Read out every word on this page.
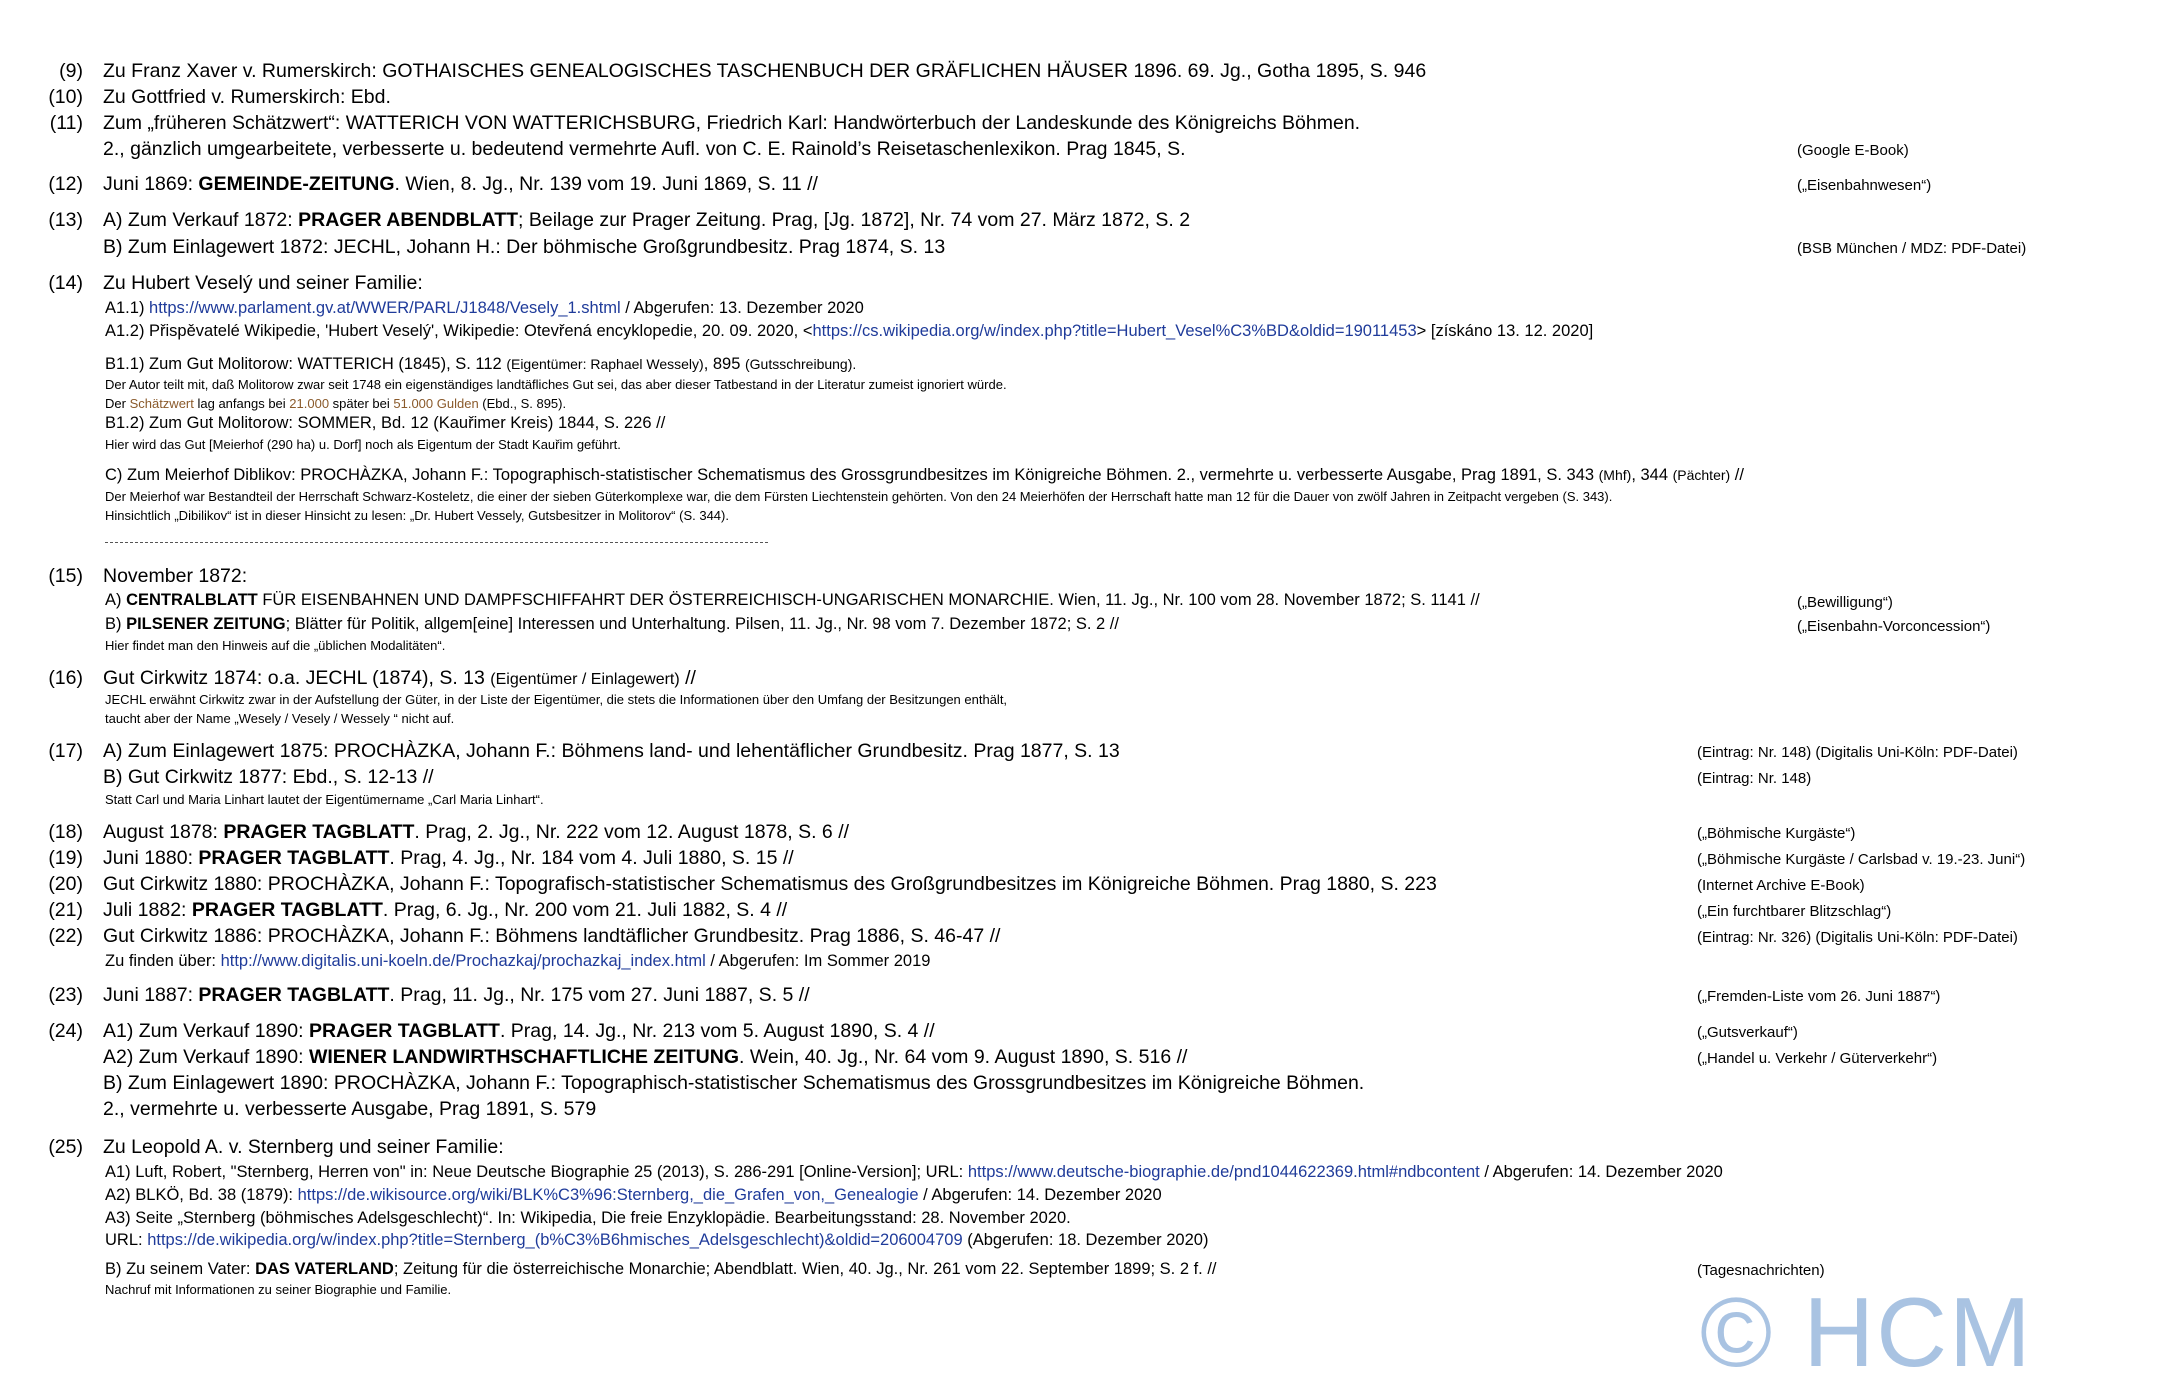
(9) Zu Franz Xaver v. Rumerskirch: GOTHAISCHES GENEALOGISCHES TASCHENBUCH DER GRÄFLICHEN HÄUSER 1896. 69. Jg., Gotha 1895, S. 946
(10) Zu Gottfried v. Rumerskirch: Ebd.
(11) Zum „früheren Schätzwert“: WATTERICH VON WATTERICHSBURG, Friedrich Karl: Handwörterbuch der Landeskunde des Königreichs Böhmen.
2., gänzlich umgearbeitete, verbesserte u. bedeutend vermehrte Aufl. von C. E. Rainold’s Reisetaschenlexikon. Prag 1845, S.	(Google E-Book)
(12) Juni 1869: GEMEINDE-ZEITUNG. Wien, 8. Jg., Nr. 139 vom 19. Juni 1869, S. 11 //	(„Eisenbahnwesen“)
(13) A) Zum Verkauf 1872: PRAGER ABENDBLATT; Beilage zur Prager Zeitung. Prag, [Jg. 1872], Nr. 74 vom 27. März 1872, S. 2
B) Zum Einlagewert 1872: JECHL, Johann H.: Der böhmische Großgrundbesitz. Prag 1874, S. 13	(BSB München / MDZ: PDF-Datei)
(14) Zu Hubert Veselý und seiner Familie:
A1.1) https://www.parlament.gv.at/WWER/PARL/J1848/Vesely_1.shtml / Abgerufen: 13. Dezember 2020
A1.2) Přispěvatelé Wikipedie, 'Hubert Veselý', Wikipedie: Otevřená encyklopedie, 20. 09. 2020, <https://cs.wikipedia.org/w/index.php?title=Hubert_Vesel%C3%BD&oldid=19011453> [získáno 13. 12. 2020]
B1.1) Zum Gut Molitorow: WATTERICH (1845), S. 112 (Eigentümer: Raphael Wessely), 895 (Gutsschreibung).
Der Autor teilt mit, daß Molitorow zwar seit 1748 ein eigenständiges landtäfliches Gut sei, das aber dieser Tatbestand in der Literatur zumeist ignoriert würde.
Der Schätzwert lag anfangs bei 21.000 später bei 51.000 Gulden (Ebd., S. 895).
B1.2) Zum Gut Molitorow: SOMMER, Bd. 12 (Kauřimer Kreis) 1844, S. 226 //
Hier wird das Gut [Meierhof (290 ha) u. Dorf] noch als Eigentum der Stadt Kauřim geführt.
C) Zum Meierhof Diblikov: PROCHÀZKA, Johann F.: Topographisch-statistischer Schematismus des Grossgrundbesitzes im Königreiche Böhmen. 2., vermehrte u. verbesserte Ausgabe, Prag 1891, S. 343 (Mhf), 344 (Pächter) //
Der Meierhof war Bestandteil der Herrschaft Schwarz-Kosteletz, die einer der sieben Güterkomplexe war, die dem Fürsten Liechtenstein gehörten. Von den 24 Meierhöfen der Herrschaft hatte man 12 für die Dauer von zwölf Jahren in Zeitpacht vergeben (S. 343).
Hinsichtlich „Dibilikov“ ist in dieser Hinsicht zu lesen: „Dr. Hubert Vessely, Gutsbesitzer in Molitorov“ (S. 344).
(15) November 1872:
A) CENTRALBLATT FÜR EISENBAHNEN UND DAMPFSCHIFFAHRT DER ÖSTERREICHISCH-UNGARISCHEN MONARCHIE. Wien, 11. Jg., Nr. 100 vom 28. November 1872; S. 1141 //	(„Bewilligung“)
B) PILSENER ZEITUNG; Blätter für Politik, allgem[eine] Interessen und Unterhaltung. Pilsen, 11. Jg., Nr. 98 vom 7. Dezember 1872; S. 2 //	(„Eisenbahn-Vorconcession“)
Hier findet man den Hinweis auf die „üblichen Modalitäten“.
(16) Gut Cirkwitz 1874: o.a. JECHL (1874), S. 13 (Eigentümer / Einlagewert) //
JECHL erwähnt Cirkwitz zwar in der Aufstellung der Güter, in der Liste der Eigentümer, die stets die Informationen über den Umfang der Besitzungen enthält,
taucht aber der Name „Wesely / Vesely / Wessely “ nicht auf.
(17) A) Zum Einlagewert 1875: PROCHÀZKA, Johann F.: Böhmens land- und lehentäflicher Grundbesitz. Prag 1877, S. 13	(Eintrag: Nr. 148) (Digitalis Uni-Köln: PDF-Datei)
B) Gut Cirkwitz 1877: Ebd., S. 12-13 //	(Eintrag: Nr. 148)
Statt Carl und Maria Linhart lautet der Eigentümername „Carl Maria Linhart“.
(18) August 1878: PRAGER TAGBLATT. Prag, 2. Jg., Nr. 222 vom 12. August 1878, S. 6 //	(„Böhmische Kurgäste“)
(19) Juni 1880: PRAGER TAGBLATT. Prag, 4. Jg., Nr. 184 vom 4. Juli 1880, S. 15 //	(„Böhmische Kurgäste / Carlsbad v. 19.-23. Juni“)
(20) Gut Cirkwitz 1880: PROCHÀZKA, Johann F.: Topografisch-statistischer Schematismus des Großgrundbesitzes im Königreiche Böhmen. Prag 1880, S. 223	(Internet Archive E-Book)
(21) Juli 1882: PRAGER TAGBLATT. Prag, 6. Jg., Nr. 200 vom 21. Juli 1882, S. 4 //	(„Ein furchtbarer Blitzschlag“)
(22) Gut Cirkwitz 1886: PROCHÀZKA, Johann F.: Böhmens landtäflicher Grundbesitz. Prag 1886, S. 46-47 //	(Eintrag: Nr. 326) (Digitalis Uni-Köln: PDF-Datei)
Zu finden über: http://www.digitalis.uni-koeln.de/Prochazkaj/prochazkaj_index.html / Abgerufen: Im Sommer 2019
(23) Juni 1887: PRAGER TAGBLATT. Prag, 11. Jg., Nr. 175 vom 27. Juni 1887, S. 5 //	(„Fremden-Liste vom 26. Juni 1887“)
(24) A1) Zum Verkauf 1890: PRAGER TAGBLATT. Prag, 14. Jg., Nr. 213 vom 5. August 1890, S. 4 //	(„Gutsverkauf“)
A2) Zum Verkauf 1890: WIENER LANDWIRTHSCHAFTLICHE ZEITUNG. Wein, 40. Jg., Nr. 64 vom 9. August 1890, S. 516 //	(„Handel u. Verkehr / Güterverkehr“)
B) Zum Einlagewert 1890: PROCHÀZKA, Johann F.: Topographisch-statistischer Schematismus des Grossgrundbesitzes im Königreiche Böhmen.
2., vermehrte u. verbesserte Ausgabe, Prag 1891, S. 579
(25) Zu Leopold A. v. Sternberg und seiner Familie:
A1) Luft, Robert, "Sternberg, Herren von" in: Neue Deutsche Biographie 25 (2013), S. 286-291 [Online-Version]; URL: https://www.deutsche-biographie.de/pnd1044622369.html#ndbcontent / Abgerufen: 14. Dezember 2020
A2) BLKÖ, Bd. 38 (1879): https://de.wikisource.org/wiki/BLK%C3%96:Sternberg,_die_Grafen_von,_Genealogie / Abgerufen: 14. Dezember 2020
A3) Seite „Sternberg (böhmisches Adelsgeschlecht)“. In: Wikipedia, Die freie Enzyklopädie. Bearbeitungsstand: 28. November 2020.
URL: https://de.wikipedia.org/w/index.php?title=Sternberg_(b%C3%B6hmisches_Adelsgeschlecht)&oldid=206004709 (Abgerufen: 18. Dezember 2020)
B) Zu seinem Vater: DAS VATERLAND; Zeitung für die österreichische Monarchie; Abendblatt. Wien, 40. Jg., Nr. 261 vom 22. September 1899; S. 2 f. //	(Tagesnachrichten)
Nachruf mit Informationen zu seiner Biographie und Familie.	© HCM
